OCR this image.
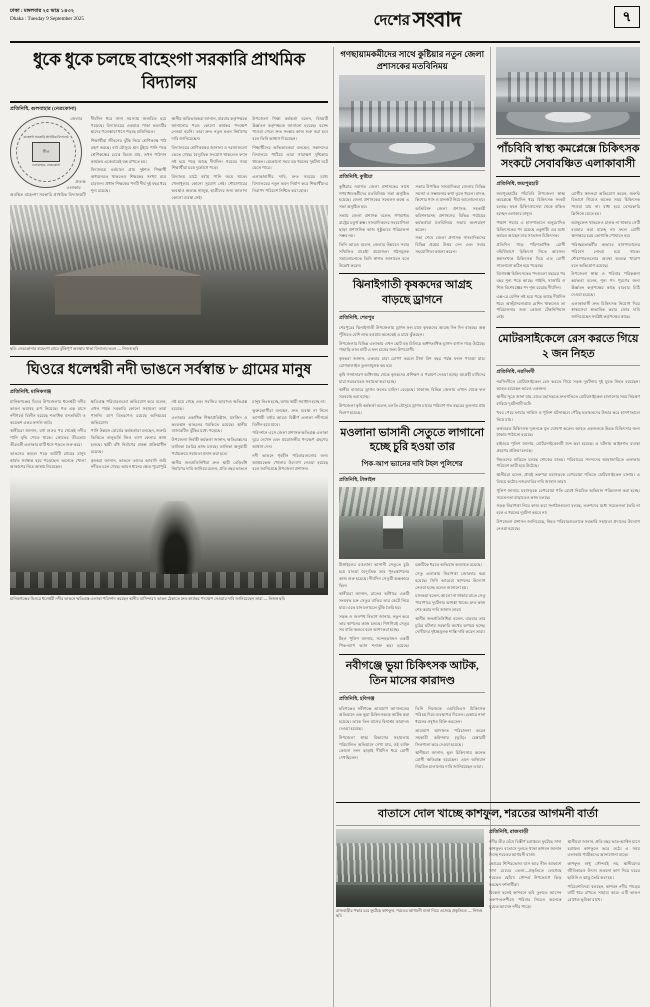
ঢাকা : মঙ্গলবার ২৫ ভাদ্র ১৪৩২
Dhaka : Tuesday 9 September 2025	দেশের সংবাদ	৭
ধুকে ধুকে চলছে বাহেংগা সরকারি প্রাথমিক বিদ্যালয়
প্রতিনিধি, গুলবাহার (নেত্রকোনা)
বাহেংগা সরকারি প্রাথমিক বিদ্যালয়
সীল
গুলবাহার, নেত্রকোনা

জেলার প্রত্যন্ত এলাকায় অবস্থিত বাহেংগা সরকারি প্রাথমিক বিদ্যালয়টি দীর্ঘদিন ধরে নানা সমস্যায় জর্জরিত হয়ে পড়েছে। বিদ্যালয়ের একমাত্র পাকা ভবনটির ছাদের পলেস্তারা খসে পড়ছে প্রতিনিয়ত।

শিক্ষার্থীরা জীবনের ঝুঁকি নিয়ে শ্রেণিকক্ষে পাঠ গ্রহণ করছে। বর্ষা মৌসুমে ছাদ চুঁইয়ে পানি পড়ে শ্রেণিকক্ষের মেঝে ভিজে যায়, তখন পাঠদান কার্যক্রম একেবারেই বন্ধ রাখতে হয়।

বিদ্যালয়ে বর্তমানে প্রায় দুইশত শিক্ষার্থী অধ্যয়নরত থাকলেও শিক্ষকের সংখ্যা মাত্র চারজন। প্রধান শিক্ষকের পদটি দীর্ঘ দুই বছর ধরে শূন্য রয়েছে।

স্থানীয় অভিভাবকরা জানান, বারবার কর্তৃপক্ষকে জানানোর পরও কোনো কার্যকর পদক্ষেপ নেওয়া হয়নি। তারা দ্রুত নতুন ভবন নির্মাণের দাবি জানিয়েছেন।

বিদ্যালয়ের শ্রেণিকক্ষের জানালা ও দরজাগুলো ভেঙে গেছে। বৈদ্যুতিক সংযোগ থাকলেও ফ্যান নষ্ট হয়ে পড়ে আছে দীর্ঘদিন। গরমের সময় শিক্ষার্থীরা চরম দুর্ভোগে পড়ে।

বিদ্যালয় মাঠে বর্ষায় পানি জমে থাকে। খেলাধুলার কোনো সুযোগ নেই। শৌচাগারের অবস্থাও অত্যন্ত নাজুক, ছাত্রীদের জন্য আলাদা কোনো ব্যবস্থা নেই।

উপজেলা শিক্ষা কর্মকর্তা বলেন, বিষয়টি ঊর্ধ্বতন কর্তৃপক্ষকে জানানো হয়েছে। বরাদ্দ পাওয়া গেলে দ্রুত সংস্কার কাজ শুরু করা হবে বলে তিনি আশ্বাস দিয়েছেন।

শিক্ষার্থীদের অভিভাবকরা বলছেন, সন্তানদের বিদ্যালয়ে পাঠিয়ে তারা সারাক্ষণ দুশ্চিন্তায় থাকেন। যেকোনো সময় বড় ধরনের দুর্ঘটনা ঘটে যেতে পারে।

এলাকাবাসীর দাবি, দ্রুত সময়ের মধ্যে বিদ্যালয়ের নতুন ভবন নির্মাণ করে শিক্ষার্থীদের নিরাপদ পরিবেশ নিশ্চিত করা হোক।

ছবি: নেত্রকোনার বাহেংগা গ্রামে ঝুঁকিপূর্ণ অবস্থায় থাকা বিদ্যালয় ভবন — নিজস্ব ছবি
ঘিওরে ধলেশ্বরী নদী ভাঙনে সর্বস্বান্ত ৮ গ্রামের মানুষ
প্রতিনিধি, মানিকগঞ্জ

মানিকগঞ্জের ঘিওর উপজেলায় ধলেশ্বরী নদীর ভাঙন ভয়াবহ রূপ নিয়েছে। গত এক মাসে নদীগর্ভে বিলীন হয়েছে শতাধিক বসতভিটা ও কয়েকশ একর ফসলি জমি।

স্থানীয়রা জানান, বর্ষা শুরুর পর থেকেই নদীর পানি বৃদ্ধি পেতে থাকে। স্রোতের তীব্রতায় তীরবর্তী এলাকার মাটি ধসে পড়তে শুরু করে।

ভাঙনের কবলে পড়ে আটটি গ্রামের মানুষ কার্যত সর্বস্বান্ত হয়ে পড়েছেন। অনেকে খোলা আকাশের নিচে আশ্রয় নিয়েছেন।

ক্ষতিগ্রস্ত পরিবারগুলো অভিযোগ করে বলেন, এখন পর্যন্ত সরকারি কোনো সহায়তা তারা পাননি। ত্রাণ বিতরণেও রয়েছে অনিয়মের অভিযোগ।

পানি উন্নয়ন বোর্ডের কর্মকর্তারা বলছেন, জরুরি ভিত্তিতে বালুভর্তি জিও ব্যাগ ফেলার কাজ চলছে। স্থায়ী বাঁধ নির্মাণের প্রকল্প প্রক্রিয়াধীন রয়েছে।

কৃষকরা জানান, ভাঙনে তাদের আবাদি জমি নদীতে চলে গেছে। আমন ধানের ক্ষেত পুরোপুরি নষ্ট হয়ে গেছে এবং সবজির আবাদও ক্ষতিগ্রস্ত হয়েছে।

এলাকার একাধিক শিক্ষাপ্রতিষ্ঠান, মসজিদ ও কবরস্থান ভাঙনের হুমকিতে রয়েছে। স্থানীয় বাজারটিও ঝুঁকির মধ্যে পড়েছে।

উপজেলা নির্বাহী কর্মকর্তা জানান, ক্ষতিগ্রস্তদের তালিকা তৈরির কাজ চলছে। তালিকা অনুযায়ী পর্যায়ক্রমে সহায়তা প্রদান করা হবে।

স্থানীয় জনপ্রতিনিধিরা দ্রুত স্থায়ী বেড়িবাঁধ নির্মাণের দাবি জানিয়ে বলেন, প্রতি বছর ভাঙনে মানুষ নিঃস্ব হচ্ছে, অথচ স্থায়ী সমাধান হচ্ছে না।

ভুক্তভোগীরা বলছেন, দ্রুত ব্যবস্থা না নিলে আগামী বর্ষায় আরও বিস্তীর্ণ এলাকা নদীগর্ভে বিলীন হয়ে যাবে।

পরিদর্শনে এসে জেলা প্রশাসক ক্ষতিগ্রস্ত এলাকা ঘুরে দেখেন এবং প্রয়োজনীয় পদক্ষেপ গ্রহণের আশ্বাস দেন।

নদী ভাঙনে গৃহহীন পরিবারগুলোর জন্য আশ্রয়কেন্দ্র খোলার উদ্যোগ নেওয়া হয়েছে বলে জানিয়েছে উপজেলা প্রশাসন।

মানিকগঞ্জের ঘিওরে ধলেশ্বরী নদীর ভাঙনে ক্ষতিগ্রস্ত এলাকা পরিদর্শন করছেন স্থানীয় বাসিন্দারা। ভাঙন ঠেকাতে দ্রুত কার্যকর পদক্ষেপ নেওয়ার দাবি জানিয়েছেন তারা — নিজস্ব ছবি
গণছায়ামকমীদের সাথে কুষ্টিয়ার নতুন জেলা প্রশাসকের মতবিনিময়
প্রতিনিধি, কুষ্টিয়া

কুষ্টিয়ার নবাগত জেলা প্রশাসকের সাথে গণমাধ্যমকর্মীদের মতবিনিময় সভা অনুষ্ঠিত হয়েছে। জেলা প্রশাসকের সম্মেলন কক্ষে এ সভা অনুষ্ঠিত হয়।

সভায় জেলা প্রশাসক বলেন, গণমাধ্যম রাষ্ট্রের চতুর্থ স্তম্ভ। সাংবাদিকদের সহযোগিতা ছাড়া প্রশাসনিক কাজ সুষ্ঠুভাবে পরিচালনা সম্ভব নয়।

তিনি আরও বলেন, জেলার উন্নয়নে সবার সম্মিলিত প্রচেষ্টা প্রয়োজন। গঠনমূলক সমালোচনাকে তিনি স্বাগত জানাবেন বলে উল্লেখ করেন।

সভায় উপস্থিত সাংবাদিকরা জেলার বিভিন্ন সমস্যা ও সম্ভাবনার কথা তুলে ধরেন। মাদক, কিশোর গ্যাং ও যানজট নিয়ে আলোচনা হয়।

অতিরিক্ত জেলা প্রশাসক, সহকারী কমিশনারসহ প্রশাসনের বিভিন্ন পর্যায়ের কর্মকর্তারা মতবিনিময় সভায় অংশগ্রহণ করেন।

সভা শেষে জেলা প্রশাসক সাংবাদিকদের বিভিন্ন প্রশ্নের উত্তর দেন এবং সবার সহযোগিতা কামনা করেন।

ঝিনাইগাতী কৃষকদের আগ্রহ বাড়ছে ড্রাগনে
প্রতিনিধি, শেরপুর

শেরপুরের ঝিনাইগাতী উপজেলায় ড্রাগন ফল চাষে কৃষকদের আগ্রহ দিন দিন বাড়ছে। অল্প পুঁজিতে বেশি লাভ হওয়ায় অনেকেই এ চাষে ঝুঁকছেন।

উপজেলার বিভিন্ন এলাকায় এখন ছোট বড় মিলিয়ে অর্ধশতাধিক ড্রাগন বাগান গড়ে উঠেছে। পাহাড়ি লাল মাটি এ ফল চাষের জন্য উপযোগী।

কৃষকরা জানান, একবার চারা রোপণ করলে টানা বিশ বছর পর্যন্ত ফলন পাওয়া যায়। রোগবালাইও তুলনামূলক কম হয়।

কৃষি সম্প্রসারণ অধিদপ্তর থেকে কৃষকদের প্রশিক্ষণ ও পরামর্শ দেওয়া হচ্ছে। আগ্রহী চাষিদের চারা সরবরাহেও সহায়তা করা হচ্ছে।

স্থানীয় বাজারে ড্রাগন ফলের চাহিদা বেড়েছে। ঢাকাসহ বিভিন্ন জেলায় এখান থেকে ফল সরবরাহ করা হচ্ছে।

উপজেলা কৃষি কর্মকর্তা বলেন, চলতি মৌসুমে ড্রাগন চাষের পরিমাণ গত বছরের তুলনায় প্রায় দ্বিগুণ হয়েছে।

মওলানা ভাসানী সেতুতে লাগানো হচ্ছে চুরি হওয়া তার
পিক-আপ ভ্যানের দাবি টহল পুলিশের
প্রতিনিধি, টাঙ্গাইল

টাঙ্গাইলের মওলানা ভাসানী সেতুতে চুরি হয়ে যাওয়া বৈদ্যুতিক তার পুনঃস্থাপনের কাজ শুরু হয়েছে। দীর্ঘদিন সেতুটি অন্ধকারে ছিল।

স্থানীয়রা জানান, রাতের আঁধারে একটি সংঘবদ্ধ চক্র সেতুর বাতির তার কেটে নিয়ে যায়। এতে যান চলাচলে ঝুঁকি তৈরি হয়।

সড়ক ও জনপথ বিভাগ জানায়, নতুন করে তার স্থাপনের কাজ চলছে। শিগগিরই সেতুর সব বাতি জ্বলবে বলে আশা করা হচ্ছে।

টহল পুলিশ জানায়, সন্দেহভাজন একটি পিক-আপ ভ্যান শনাক্ত করা হয়েছে। চক্রটিকে ধরতে অভিযান অব্যাহত রয়েছে।

সেতু এলাকায় নিরাপত্তা জোরদার করা হয়েছে। সিসি ক্যামেরা স্থাপনের উদ্যোগ নেওয়া হচ্ছে বলেও জানানো হয়।

চালকরা বলেন, আলো না থাকায় রাতে সেতু পারাপারে দুর্ঘটনার আশঙ্কা থাকে। দ্রুত কাজ শেষ করার দাবি জানান তারা।

স্থানীয় জনপ্রতিনিধিরা বলেন, বারবার তার চুরির ঘটনায় সরকারি অর্থের অপচয় হচ্ছে। দোষীদের দৃষ্টান্তমূলক শাস্তি দাবি করেন তারা।

নবীগঞ্জে ভুয়া চিকিৎসক আটক, তিন মাসের কারাদণ্ড
প্রতিনিধি, হবিগঞ্জ

হবিগঞ্জের নবীগঞ্জে ভ্রাম্যমাণ আদালতের অভিযানে এক ভুয়া চিকিৎসককে আটক করা হয়েছে। তাকে তিন মাসের বিনাশ্রম কারাদণ্ড দেওয়া হয়েছে।

উপজেলা স্বাস্থ্য বিভাগের সহায়তায় পরিচালিত অভিযানে দেখা যায়, ওই ব্যক্তি কোনো সনদ ছাড়াই দীর্ঘদিন ধরে রোগী দেখছিলেন।

তিনি নিজেকে এমবিবিএস চিকিৎসক পরিচয় দিয়ে ব্যবস্থাপত্র দিতেন। চেম্বারে নানা ধরনের ওষুধও বিক্রি করতেন।

ভ্রাম্যমাণ আদালত পরিচালনা করেন সহকারী কমিশনার (ভূমি)। চেম্বারটি সিলগালা করে দেওয়া হয়েছে।

স্থানীয়রা জানান, ভুল চিকিৎসায় অনেক রোগী ক্ষতিগ্রস্ত হয়েছেন। এমন অভিযান নিয়মিত চালানোর দাবি জানিয়েছেন তারা।

পাঁচবিবি স্বাস্থ্য কমপ্লেক্সে চিকিৎসক সংকটে সেবাবঞ্চিত এলাকাবাসী
প্রতিনিধি, জয়পুরহাট

জয়পুরহাটের পাঁচবিবি উপজেলা স্বাস্থ্য কমপ্লেক্সে দীর্ঘদিন ধরে চিকিৎসক সংকট চলছে। ফলে চিকিৎসাসেবা থেকে বঞ্চিত হচ্ছেন এলাকার মানুষ।

পঞ্চাশ শয্যার এ হাসপাতালে অনুমোদিত চিকিৎসকের পদ রয়েছে একুশটি। এর মধ্যে কর্মরত আছেন মাত্র সাতজন চিকিৎসক।

প্রতিদিন গড়ে পাঁচশতাধিক রোগী বহির্বিভাগে চিকিৎসা নিতে আসেন। স্বল্পসংখ্যক চিকিৎসক দিয়ে এত রোগী সামলানো কঠিন হয়ে পড়েছে।

বিশেষজ্ঞ চিকিৎসকের পদগুলো বছরের পর বছর শূন্য পড়ে আছে। গাইনি, সার্জারি ও শিশু বিশেষজ্ঞের পদ শূন্য রয়েছে দীর্ঘদিন।

এক্স-রে মেশিন নষ্ট হয়ে পড়ে আছে দীর্ঘদিন ধরে। আল্ট্রাসনোগ্রাম মেশিন থাকলেও তা পরিচালনার জন্য কোনো টেকনিশিয়ান নেই।

রোগীর স্বজনরা অভিযোগ করেন, জরুরি বিভাগে গিয়েও অনেক সময় চিকিৎসক পাওয়া যায় না। বাধ্য হয়ে বেসরকারি ক্লিনিকে যেতে হয়।

অ্যাম্বুলেন্স থাকলেও চালক না থাকায় সেটি ব্যবহার করা যাচ্ছে না। ফলে রোগী স্থানান্তরে চরম ভোগান্তি পোহাতে হয়।

পরিচ্ছন্নতাকর্মীর অভাবে হাসপাতালের পরিবেশ নোংরা হয়ে থাকে। শৌচাগারগুলোর অবস্থা অত্যন্ত খারাপ বলে অভিযোগ রয়েছে।

উপজেলা স্বাস্থ্য ও পরিবার পরিকল্পনা কর্মকর্তা বলেন, শূন্য পদ পূরণের জন্য ঊর্ধ্বতন কর্তৃপক্ষের কাছে বারবার চিঠি দেওয়া হয়েছে।

এলাকাবাসী দ্রুত চিকিৎসক নিয়োগ দিয়ে স্বাস্থ্যসেবা স্বাভাবিক করার জোর দাবি জানিয়েছেন সংশ্লিষ্ট কর্তৃপক্ষের কাছে।

মোটরসাইকেলে রেস করতে গিয়ে ২ জন নিহত
প্রতিনিধি, নরসিংদী

নরসিংদীতে মোটরসাইকেল রেস করতে গিয়ে সড়ক দুর্ঘটনায় দুই যুবক নিহত হয়েছেন। আহত হয়েছেন আরও একজন।

স্থানীয় সূত্রে জানা যায়, রাতে মহাসড়কে দ্রুতগতিতে মোটরসাইকেল চালানোর সময় নিয়ন্ত্রণ হারিয়ে দুর্ঘটনাটি ঘটে।

খবর পেয়ে ফায়ার সার্ভিস ও পুলিশ ঘটনাস্থলে পৌঁছে হতাহতদের উদ্ধার করে হাসপাতালে নিয়ে যায়।

কর্তব্যরত চিকিৎসক দুজনকে মৃত ঘোষণা করেন। আহত একজনকে উন্নত চিকিৎসার জন্য ঢাকায় পাঠানো হয়েছে।

হাইওয়ে পুলিশ জানায়, মোটরসাইকেলটি জব্দ করা হয়েছে। এ ঘটনায় আইনগত ব্যবস্থা গ্রহণের প্রক্রিয়া চলছে।

নিহতদের বাড়িতে চলছে শোকের মাতম। পরিবারের সদস্যদের আহাজারিতে এলাকার পরিবেশ ভারী হয়ে উঠেছে।

স্থানীয়রা বলেন, প্রায়ই তরুণরা মহাসড়কে বেপরোয়া গতিতে মোটরসাইকেল চালায়। এ বিষয়ে কঠোর নজরদারির দাবি জানান তারা।

পুলিশ জানায়, মহাসড়কে বেপরোয়া গতি রোধে নিয়মিত অভিযান পরিচালনা করা হচ্ছে। সচেতনতা বাড়াতেও কাজ চলছে।

সড়ক নিরাপত্তা নিয়ে কাজ করা সংগঠনগুলো বলছে, তরুণদের মধ্যে সচেতনতা তৈরি না হলে এ ধরনের দুর্ঘটনা কমবে না।

উপজেলা প্রশাসন জানিয়েছে, নিহত পরিবারগুলোকে সরকারি সহায়তা প্রদানের উদ্যোগ নেওয়া হয়েছে।

বাতাসে দোল খাচ্ছে কাশফুল, শরতের আগমনী বার্তা
রাজবাড়ীর পদ্মার চরে ফুটেছে কাশফুল, শরতের আগমনী বার্তা নিয়ে এসেছে প্রকৃতিতে — নিজস্ব ছবি
প্রতিনিধি, রাজবাড়ী

নদীর তীর ঘেঁষে বিস্তীর্ণ চরাঞ্চলে ফুটেছে সাদা কাশফুল। বাতাসে দুলতে থাকা কাশবন জানান দিচ্ছে শরতের আগমনী বার্তা।

ভোরের শিশিরভেজা ঘাস আর নীল আকাশে সাদা মেঘের ভেলা—প্রকৃতিতে লেগেছে শরতের ছোঁয়া। সৌন্দর্য উপভোগে ভিড় করছেন দর্শনার্থীরা।

বিকেল হলেই কাশবনে ছবি তুলতে আসেন তরুণ-তরুণীরা। পরিবার নিয়েও অনেকে ঘুরতে আসেন নদীর পাড়ে।

স্থানীয়রা জানান, প্রতি বছর ভাদ্র-আশ্বিন মাসে চরাঞ্চল কাশফুলে ভরে ওঠে। এ সময় এলাকায় পর্যটকদের আনাগোনা বাড়ে।

কাশফুল শুধু সৌন্দর্যই নয়, স্থানীয়দের জীবিকারও উৎস। শুকনো কাশ দিয়ে ঘরের ছাউনি ও ঝাড়ু তৈরি করা হয়।

পরিবেশবিদরা বলছেন, কাশবন নদীর পাড়ের মাটি ধরে রাখতে সাহায্য করে। এটি ভাঙন রোধেও ভূমিকা রাখে।
